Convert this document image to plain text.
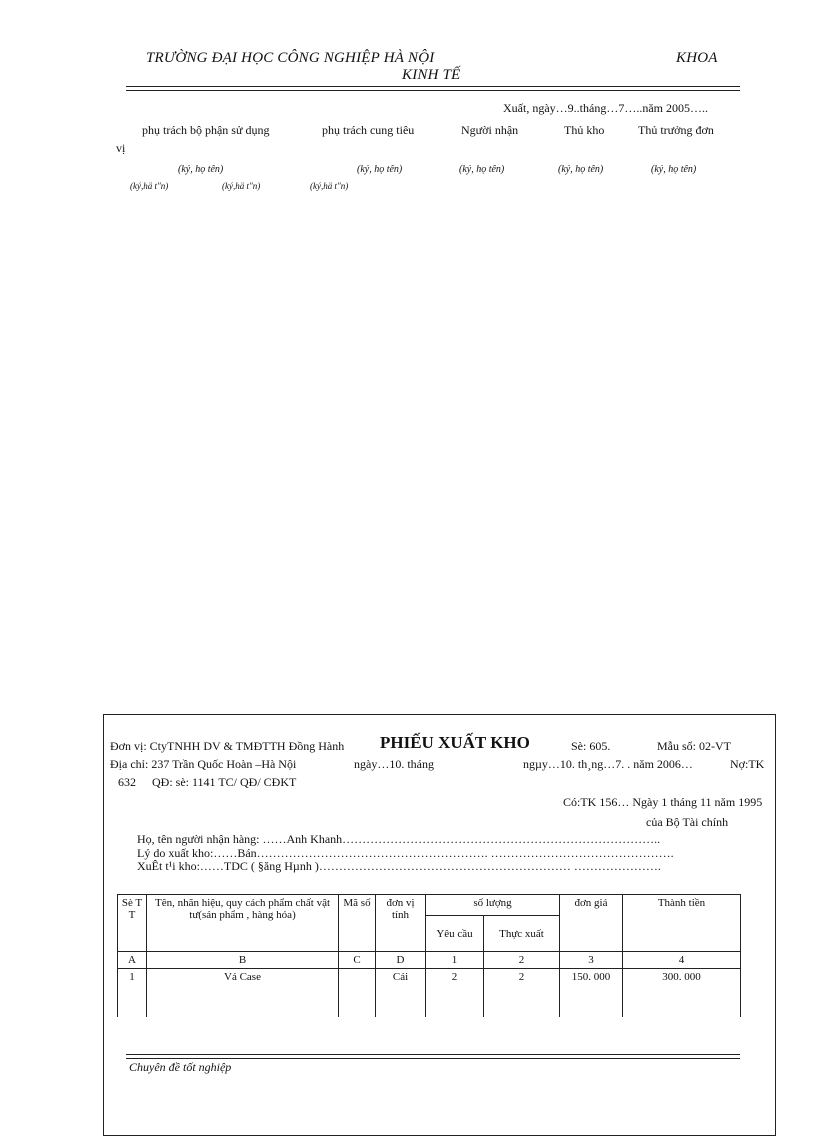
TRƯỜNG ĐẠI HỌC CÔNG NGHIỆP HÀ NỘI	KHOA
KINH TẾ
Xuất, ngày…9..tháng…7…..năm 2005…..
phụ trách bộ phận sử dụng	phụ trách cung tiêu	Người nhận	Thủ kho	Thủ trưởng đơn
vị
(ký, họ tên)	(ký, họ tên)	(ký, họ tên)	(ký, họ tên)	(ký, họ tên)
(ký,hä t"n)	(ký,hä t"n)	(ký,hä t"n)
Đơn vị: CtyTNHH DV & TMĐTTH Đồng Hành PHIẾU XUẤT KHO	Sè: 605.	Mẫu số: 02-VT
Địa chỉ: 237 Trần Quốc Hoàn –Hà Nội	ngày…10. tháng	ngµy…10. th¸ng…7. . năm 2006…	Nợ:TK
632 QĐ: sè: 1141 TC/ QĐ/ CĐKT
Có:TK 156… Ngày 1 tháng 11 năm 1995
của Bộ Tài chính
Họ, tên người nhận hàng: ……Anh Khanh……………………………………………………………………..
Lý do xuất kho:……Bán…………………………………………………. ……………………………………….
XuÊt t¹i kho:……TDC ( §ăng Hµnh )……………………………………………………… ………………….
Sè T T	Tên, nhãn hiệu, quy cách phẩm chất vật tư(sản phẩm , hàng hóa)	Mã số	đơn vị tính	số lượng		đơn giá	Thành tiền
				Yêu cầu	Thực xuất		
A	B	C	D	1	2	3	4
1	Vá Case		Cái	2	2	150. 000	300. 000
Chuyên đề tốt nghiệp
